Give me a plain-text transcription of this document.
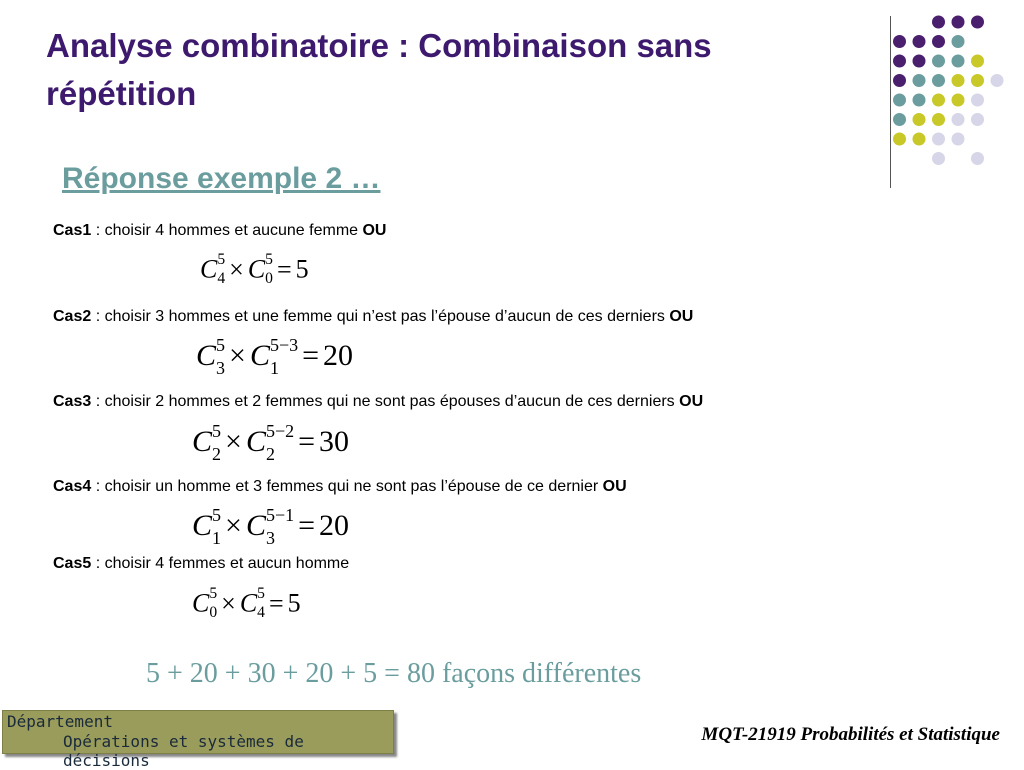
Analyse combinatoire : Combinaison sans répétition
Réponse exemple 2 …
Cas1 : choisir 4 hommes et aucune femme OU
Cas2 : choisir 3 hommes et une femme qui n’est pas l’épouse d’aucun de ces derniers OU
Cas3 : choisir 2 hommes et 2 femmes qui ne sont pas épouses d’aucun de ces derniers OU
Cas4 : choisir un homme et 3 femmes qui ne sont pas l’épouse de ce dernier OU
Cas5 : choisir 4 femmes et aucun homme
C 5
4 × C 5
0 = 5
C 5
3 × C 5−3
1 = 20
C 5
2 × C 5−2
2 = 30
C 5
1 × C 5−1
3 = 20
C 5
0 × C 5
4 = 5
5 + 20 + 30 + 20 + 5 = 80 façons différentes
Département
Opérations et systèmes de décisions
MQT-21919 Probabilités et Statistique
